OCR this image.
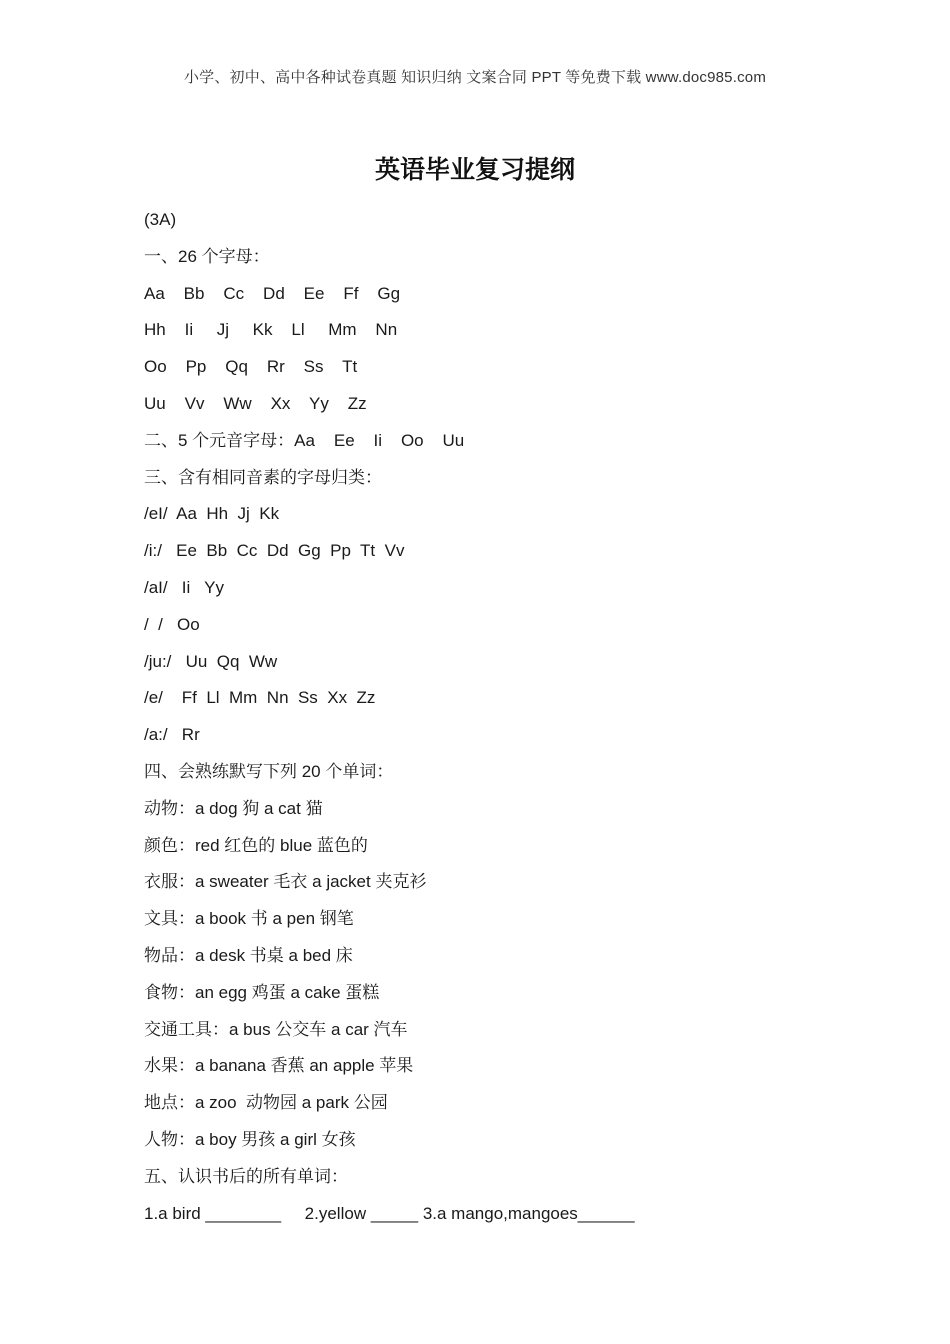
小学、初中、高中各种试卷真题 知识归纳 文案合同 PPT 等免费下载 www.doc985.com
英语毕业复习提纲
(3A)
一、26 个字母：
Aa    Bb    Cc    Dd    Ee    Ff    Gg
Hh    Ii     Jj     Kk    Ll     Mm    Nn
Oo    Pp    Qq    Rr    Ss    Tt
Uu    Vv    Ww    Xx    Yy    Zz
二、5 个元音字母：Aa    Ee    Ii    Oo    Uu
三、含有相同音素的字母归类：
/eI/  Aa  Hh  Jj  Kk
/i:/   Ee  Bb  Cc  Dd  Gg  Pp  Tt  Vv
/aI/   Ii   Yy
/  /   Oo
/ju:/   Uu  Qq  Ww
/e/    Ff  Ll  Mm  Nn  Ss  Xx  Zz
/a:/   Rr
四、会熟练默写下列 20 个单词：
动物：a dog 狗 a cat 猫
颜色：red 红色的 blue 蓝色的
衣服：a sweater 毛衣 a jacket 夹克衫
文具：a book 书 a pen 钢笔
物品：a desk 书桌 a bed 床
食物：an egg 鸡蛋 a cake 蛋糕
交通工具：a bus 公交车 a car 汽车
水果：a banana 香蕉 an apple 苹果
地点：a zoo  动物园 a park 公园
人物：a boy 男孩 a girl 女孩
五、认识书后的所有单词：
1.a bird ________     2.yellow _____ 3.a mango,mangoes______
